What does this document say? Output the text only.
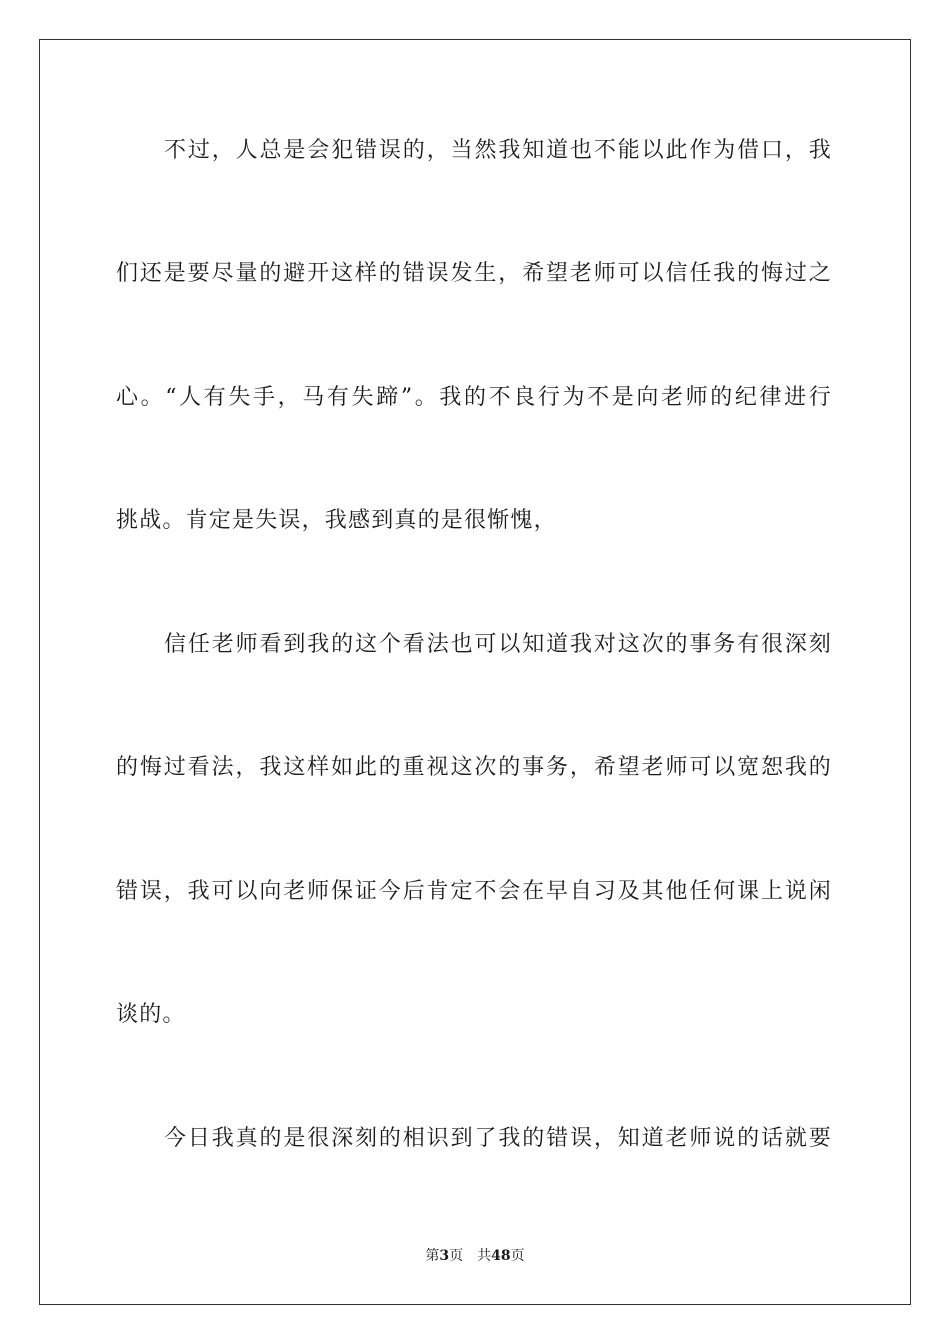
不过，人总是会犯错误的，当然我知道也不能以此作为借口，我
们还是要尽量的避开这样的错误发生，希望老师可以信任我的悔过之
心。“人有失手，马有失蹄”。我的不良行为不是向老师的纪律进行
挑战。肯定是失误，我感到真的是很惭愧，
信任老师看到我的这个看法也可以知道我对这次的事务有很深刻
的悔过看法，我这样如此的重视这次的事务，希望老师可以宽恕我的
错误，我可以向老师保证今后肯定不会在早自习及其他任何课上说闲
谈的。
今日我真的是很深刻的相识到了我的错误，知道老师说的话就要
第3页 共48页
